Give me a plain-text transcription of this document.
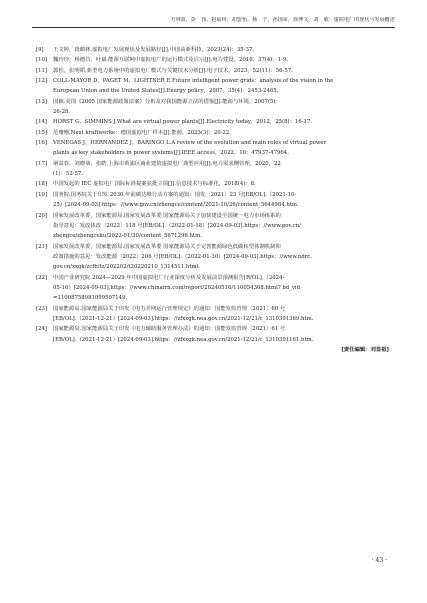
方林波，彭　伟，赵福林，胡盟怡，杨　子，孙国荣，徐博文，刘　敏：虚拟电厂的现状与发展概述
[9]	王文婷，段鹤林.虚拟电厂发展现状及发展路径[J].中国高新科技，2023(24)：35-37.
[10]	魏玲玲，杨德昌，叶斌.能源互联网中虚拟电厂的运行模式及启示[J].电力建设，2016，37(4)：1-9.
[11]	郭松，张明韬.新型电力系统中的虚拟电厂模式与关键技术分析[J].电子技术，2023，52(11)：56-57.
[12]	COLL-MAYOR D，PAGET M，LIGHTNER E.Future intelligent power grids：analysis of the vision in the
European Union and the United States[J].Energy policy，2007，35(4)：2453-2465.
[13]	国颖.美国《2005 国家能源政策法案》分析及对我国能源立法的借鉴[J].能源与环境，2007(5)：
26-28.
[14]	HORST G，SIMMINS J.What are virtual power plants[J].Electricity today，2012，25(8)：16-17.
[15]	范珊珊.Next kraftwerke：德国虚拟电厂样本[J].能源，2023(3)：20-22.
[16]	VENEGAS J，HERNANDEZ J，BARINGO L.A review of the evolution and main roles of virtual power
plants as key stakeholders in power systems[J].IEEE access，2022，10：47937-47964.
[17]	屠益春，刘晓恭，张皓.上海市黄浦区商业建筑虚拟电厂典型应用[J].电力需求侧管理，2020，22
(1)：52-57.
[18]	中国发起的 IEC 虚拟电厂国际标准提案获批立项[J].信息技术与标准化，2018(4)：8.
[19]	国务院.国务院关于印发 2030 年前碳达峰行动方案的通知：国发〔2021〕23 号[EB/OL].（2021-10-
25）[2024-09-03].https：//www.gov.cn/zhengce/content/2021-10/26/content_5644984.htm.
[20]	国家发展改革委，国家能源局.国家发展改革委 国家能源局关于加快建设全国统一电力市场体系的
指导意见：发改体改〔2022〕118 号[EB/OL].（2022-01-18）[2024-09-03].https：//www.gov.cn/
zhengce/zhengceku/2022-01/30/content_5671296.htm.
[21]	国家发展改革委，国家能源局.国家发展改革委 国家能源局关于完善能源绿色低碳转型体制机制和
政策措施的意见：发改能源〔2022〕206 号[EB/OL].（2022-01-30）[2024-09-03].https：//www.ndrc.
gov.cn/xxgk/zcfb/tz/202202/t20220210_1314511.html.
[22]	中国产业研究院.2024—2029 年中国虚拟电厂行业深度分析及发展前景预测报告[R/OL].（2024-
05-16）[2024-09-03].https：//www.chinairn.com/report/20240516/110054308.html? bd_vid
=11008758981099597149.
[23]	国家能源局.国家能源局关于印发《电力并网运行管理规定》的通知：国能发监管规〔2021〕60 号
[EB/OL].（2021-12-21）[2024-09-03].https：//zfxxgk.nea.gov.cn/2021-12/21/c_1310391369.htm.
[24]	国家能源局.国家能源局关于印发《电力辅助服务管理办法》的通知：国能发监管规〔2021〕61 号
[EB/OL].（2021-12-21）[2024-09-03].https：//zfxxgk.nea.gov.cn/2021-12/21/c_1310391161.htm.
[责任编辑：刘显祖]
· 43 ·
